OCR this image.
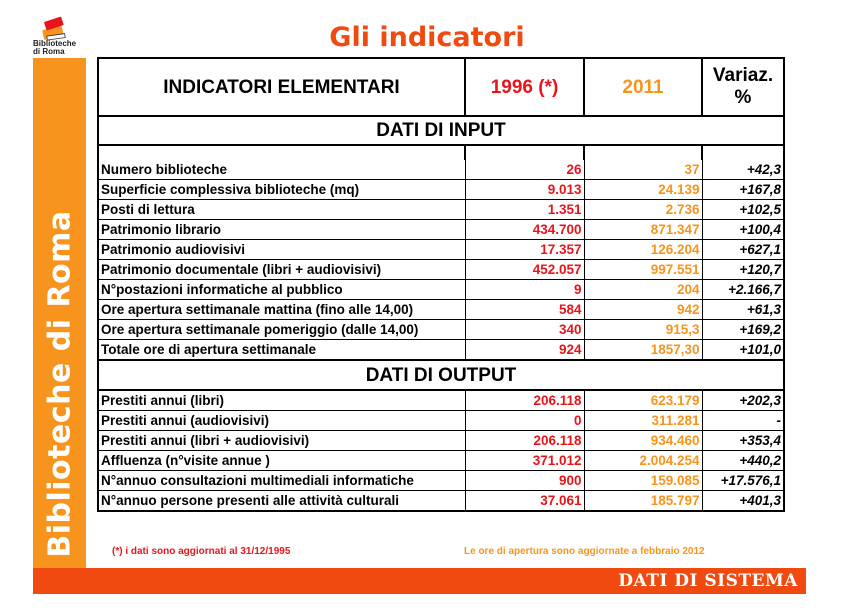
Biblioteche
di Roma
Biblioteche di Roma
Gli indicatori
INDICATORI ELEMENTARI	1996 (*)	2011	Variaz.
%

DATI DI INPUT			

Numero biblioteche	26	37	+42,3
Superficie complessiva biblioteche (mq)	9.013	24.139	+167,8
Posti di lettura	1.351	2.736	+102,5
Patrimonio librario	434.700	871.347	+100,4
Patrimonio audiovisivi	17.357	126.204	+627,1
Patrimonio documentale (libri + audiovisivi)	452.057	997.551	+120,7
N°postazioni informatiche al pubblico	9	204	+2.166,7
Ore apertura settimanale mattina (fino alle 14,00)	584	942	+61,3
Ore apertura settimanale pomeriggio (dalle 14,00)	340	915,3	+169,2
Totale ore di apertura settimanale	924	1857,30	+101,0
DATI DI OUTPUT			
Prestiti annui (libri)	206.118	623.179	+202,3
Prestiti annui (audiovisivi)	0	311.281	-
Prestiti annui (libri + audiovisivi)	206.118	934.460	+353,4
Affluenza (n°visite annue )	371.012	2.004.254	+440,2
N°annuo consultazioni multimediali informatiche	900	159.085	+17.576,1
N°annuo persone presenti alle attività culturali	37.061	185.797	+401,3
(*) i dati sono aggiornati al 31/12/1995	Le ore di apertura sono aggiornate a febbraio 2012
DATI DI SISTEMA
